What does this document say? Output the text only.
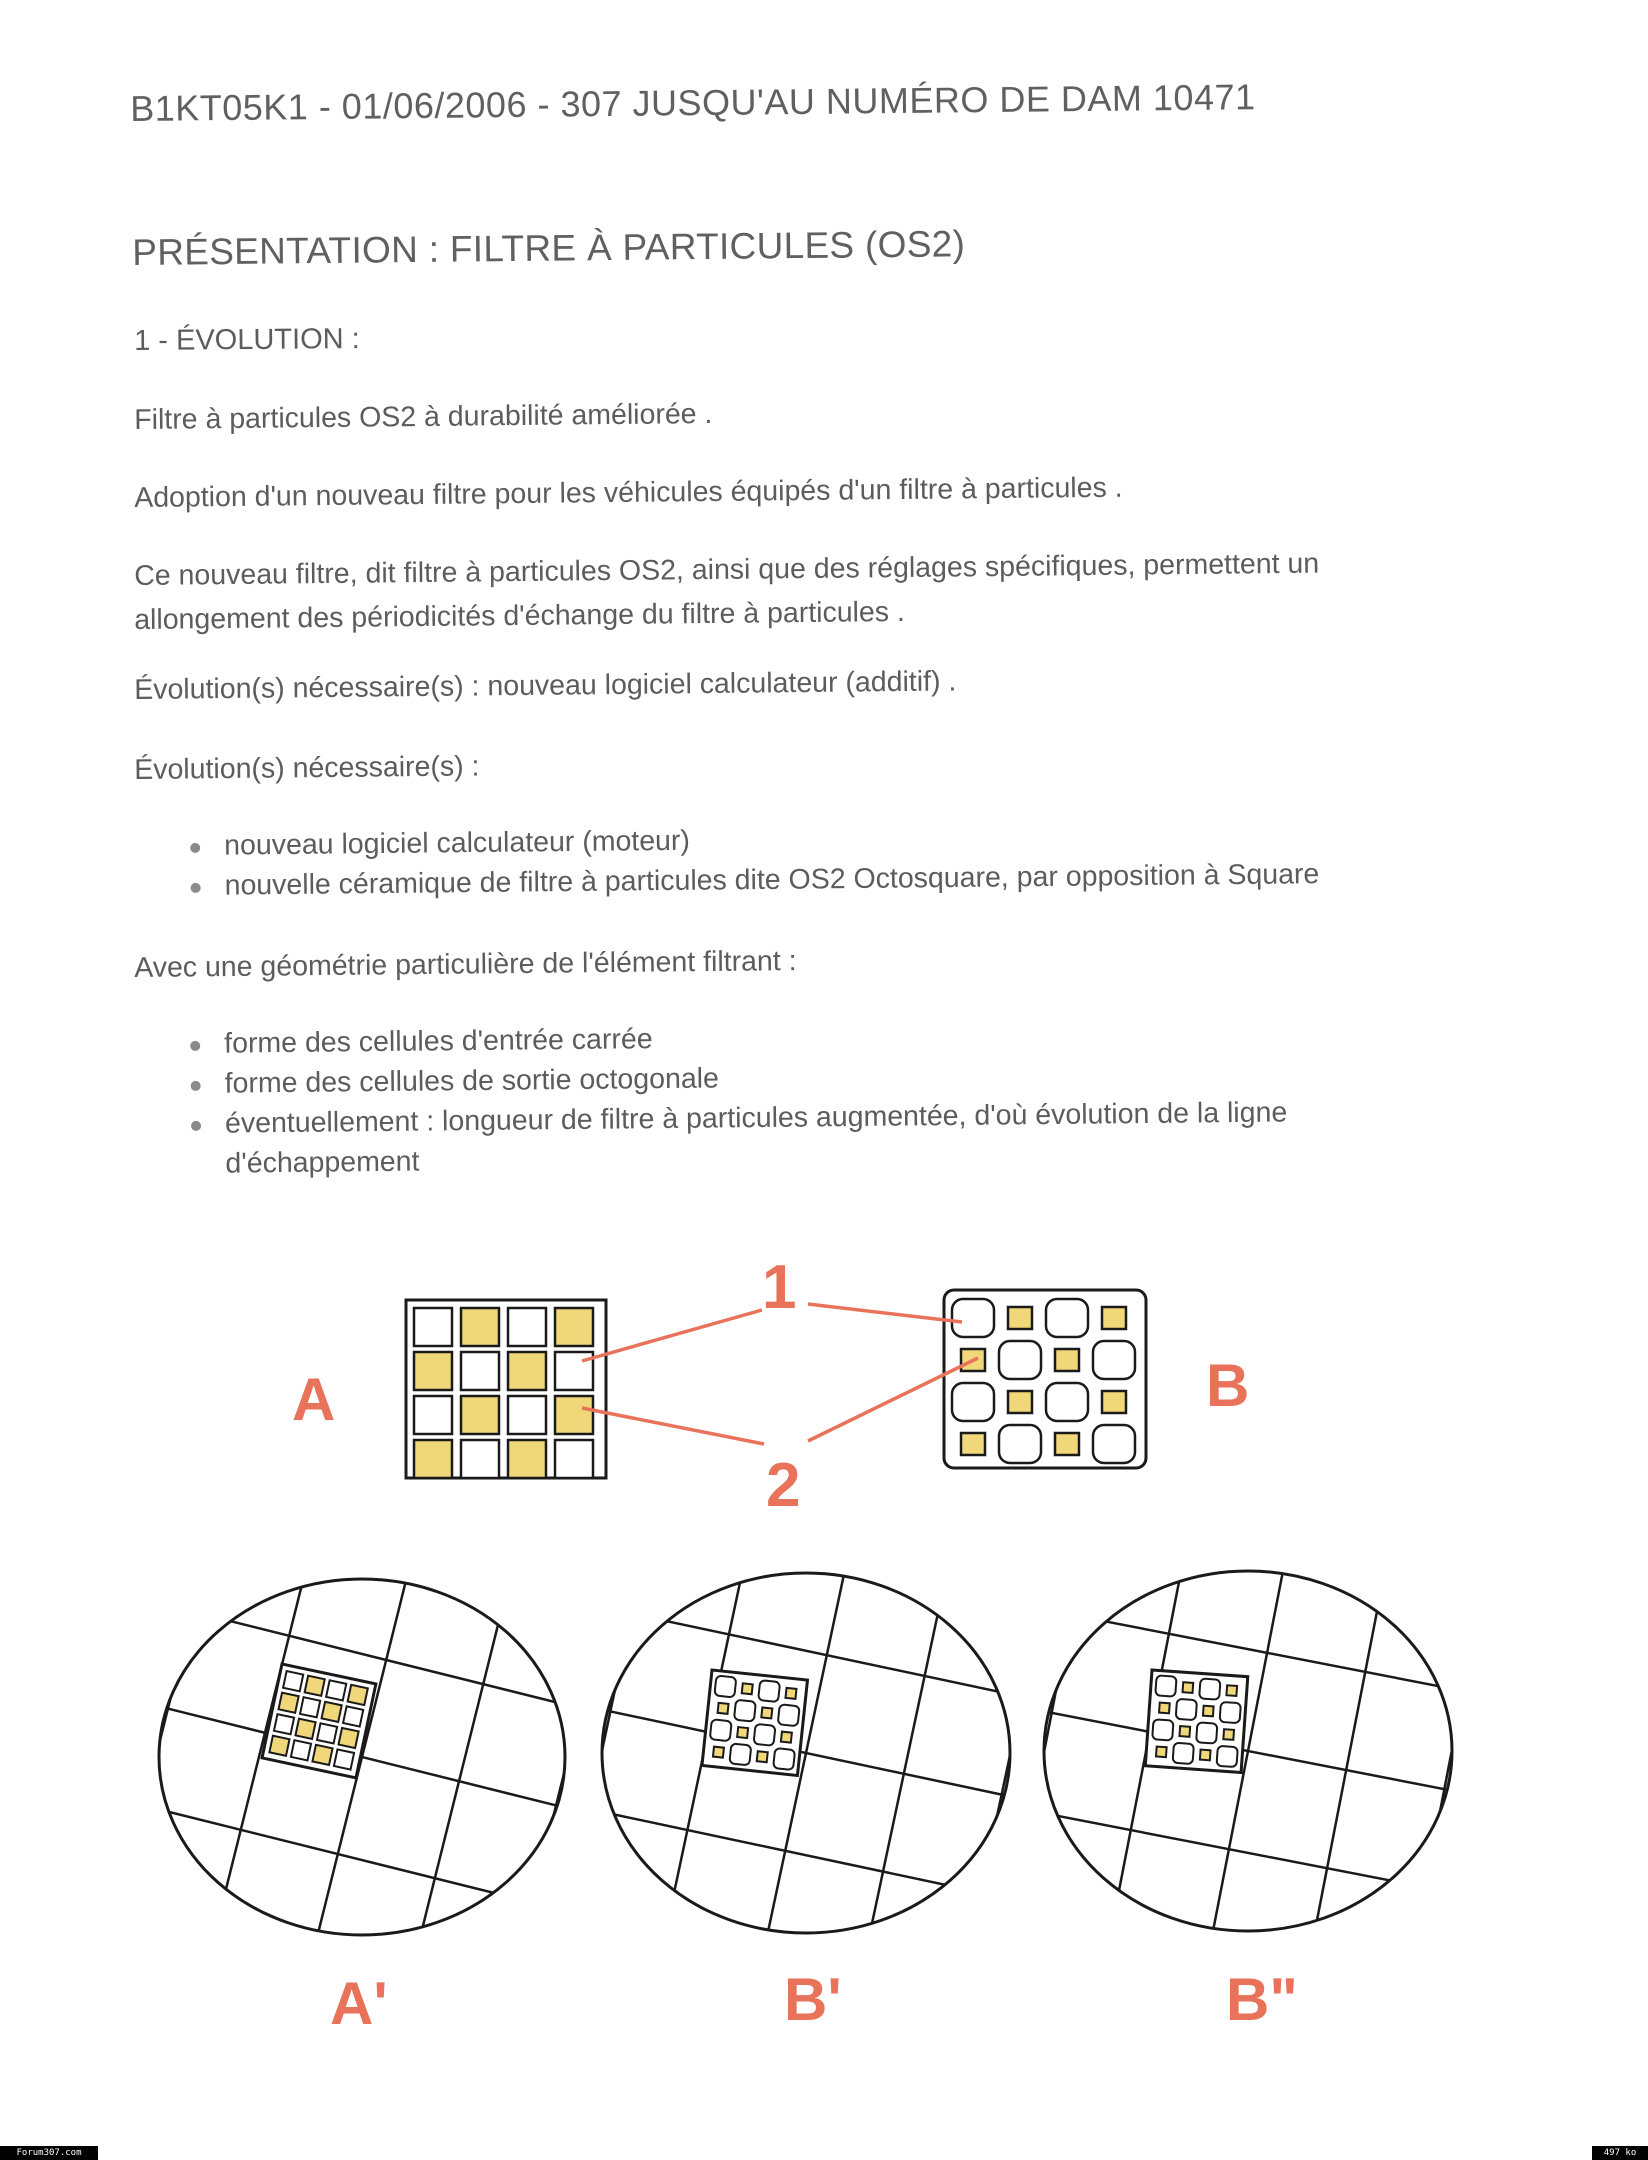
B1KT05K1 - 01/06/2006 - 307 JUSQU'AU NUMÉRO DE DAM 10471
PRÉSENTATION : FILTRE À PARTICULES (OS2)
1 - ÉVOLUTION :
Filtre à particules OS2 à durabilité améliorée .
Adoption d'un nouveau filtre pour les véhicules équipés d'un filtre à particules .
Ce nouveau filtre, dit filtre à particules OS2, ainsi que des réglages spécifiques, permettent un
allongement des périodicités d'échange du filtre à particules .
Évolution(s) nécessaire(s) : nouveau logiciel calculateur (additif) .
Évolution(s) nécessaire(s) :
nouveau logiciel calculateur (moteur)
nouvelle céramique de filtre à particules dite OS2 Octosquare, par opposition à Square
Avec une géométrie particulière de l'élément filtrant :
forme des cellules d'entrée carrée
forme des cellules de sortie octogonale
éventuellement : longueur de filtre à particules augmentée, d'où évolution de la ligne
d'échappement
A	B
1
2
A'	B'	B"
Forum307.com	497 ko
